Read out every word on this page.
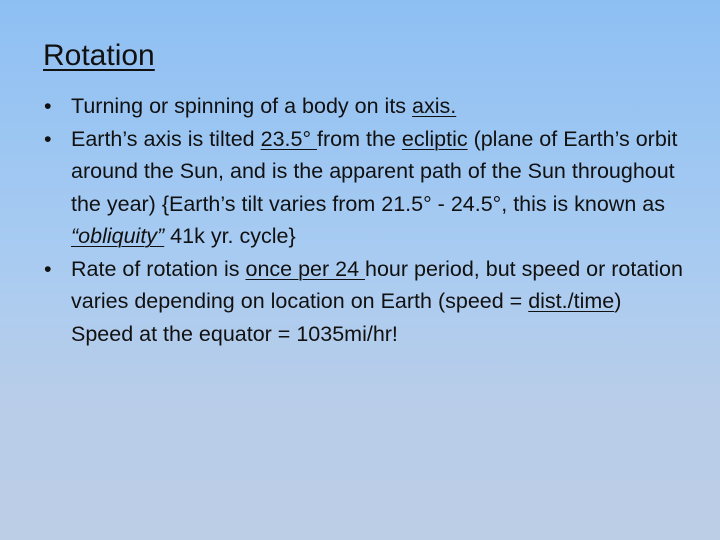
Rotation
• Turning or spinning of a body on its axis.
• Earth’s axis is tilted 23.5° from the ecliptic (plane of Earth’s orbit around the Sun, and is the apparent path of the Sun throughout the year) {Earth’s tilt varies from 21.5° - 24.5°, this is known as “obliquity” 41k yr. cycle}
• Rate of rotation is once per 24 hour period, but speed or rotation varies depending on location on Earth (speed = dist./time) Speed at the equator = 1035mi/hr!
